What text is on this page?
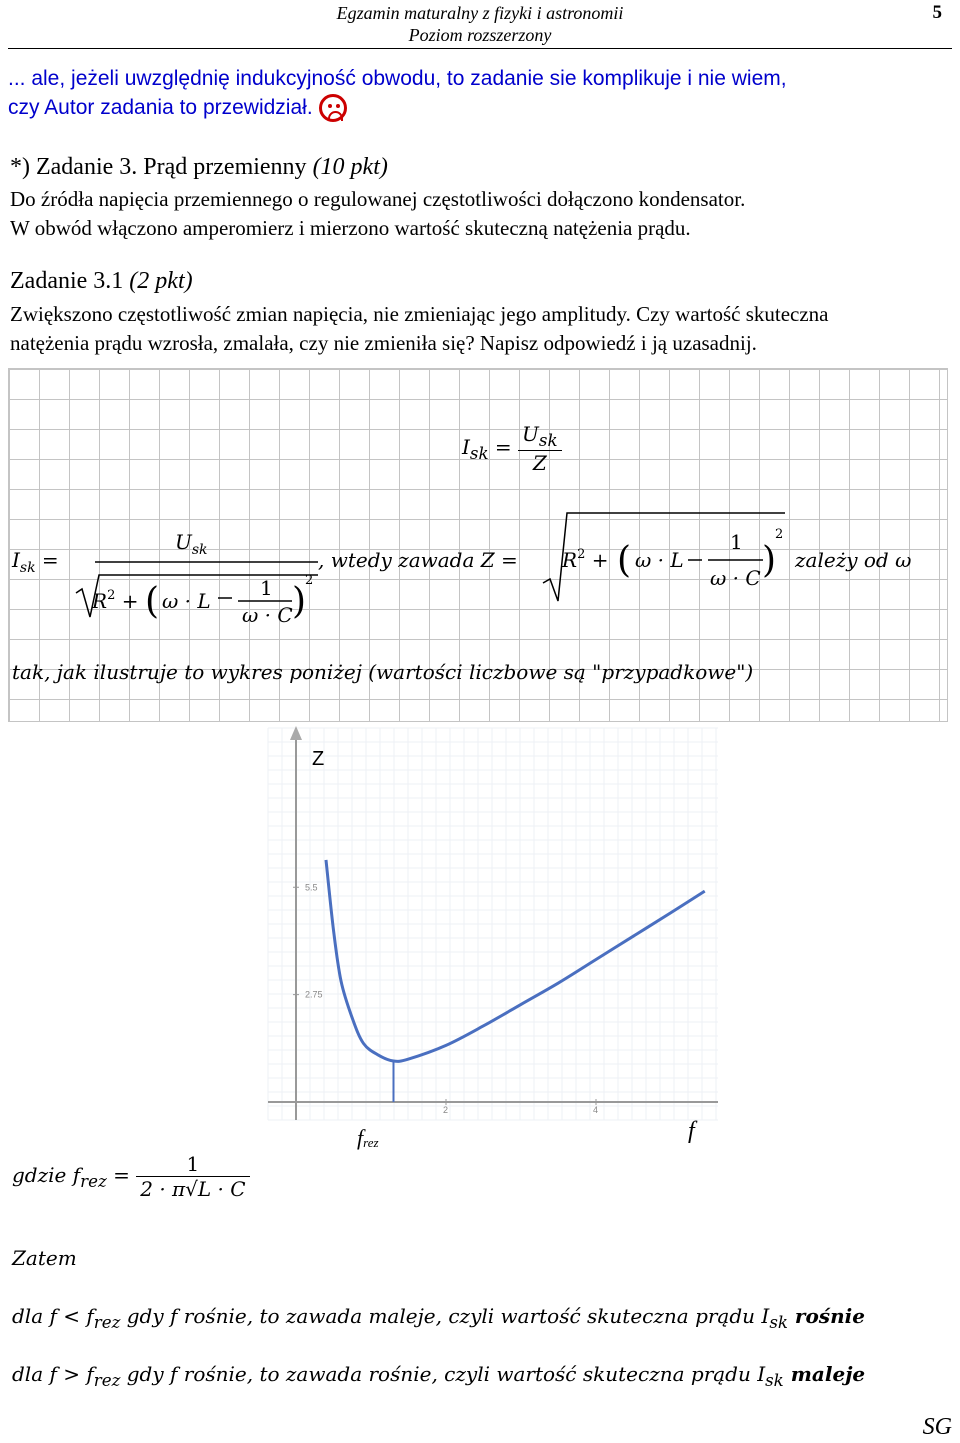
Egzamin maturalny z fizyki i astronomii
Poziom rozszerzony
5
... ale, jeżeli uwzględnię indukcyjność obwodu, to zadanie sie komplikuje i nie wiem,
czy Autor zadania to przewidział.
*) Zadanie 3. Prąd przemienny (10 pkt)
Do źródła napięcia przemiennego o regulowanej częstotliwości dołączono kondensator.
W obwód włączono amperomierz i mierzono wartość skuteczną natężenia prądu.
Zadanie 3.1 (2 pkt)
Zwiększono częstotliwość zmian napięcia, nie zmieniając jego amplitudy. Czy wartość skuteczna
natężenia prądu wzrosła, zmalała, czy nie zmieniła się? Napisz odpowiedź i ją uzasadnij.
$I_{sk} = \frac{U_{sk}}{Z}$
$I_{sk}$ =
$U_{sk}$
$R^2$ + ( ω · L
1
ω · C )
2
, wtedy zawada $Z = R^2$ + ( ω · L
1
ω · C )
2
zależy od ω
tak, jak ilustruje to wykres poniżej (wartości liczbowe są "przypadkowe")
2	4
2.75
5.5
Z
f
frez
gdzie $f_{rez} = \frac{1}{2 \cdot \pi√L \cdot C}$
Zatem
dla $f < f_{rez}$ gdy f rośnie, to zawada maleje, czyli wartość skuteczna prądu $I_{sk}$ rośnie
dla $f > f_{rez}$ gdy f rośnie, to zawada rośnie, czyli wartość skuteczna prądu $I_{sk}$ maleje
SG
